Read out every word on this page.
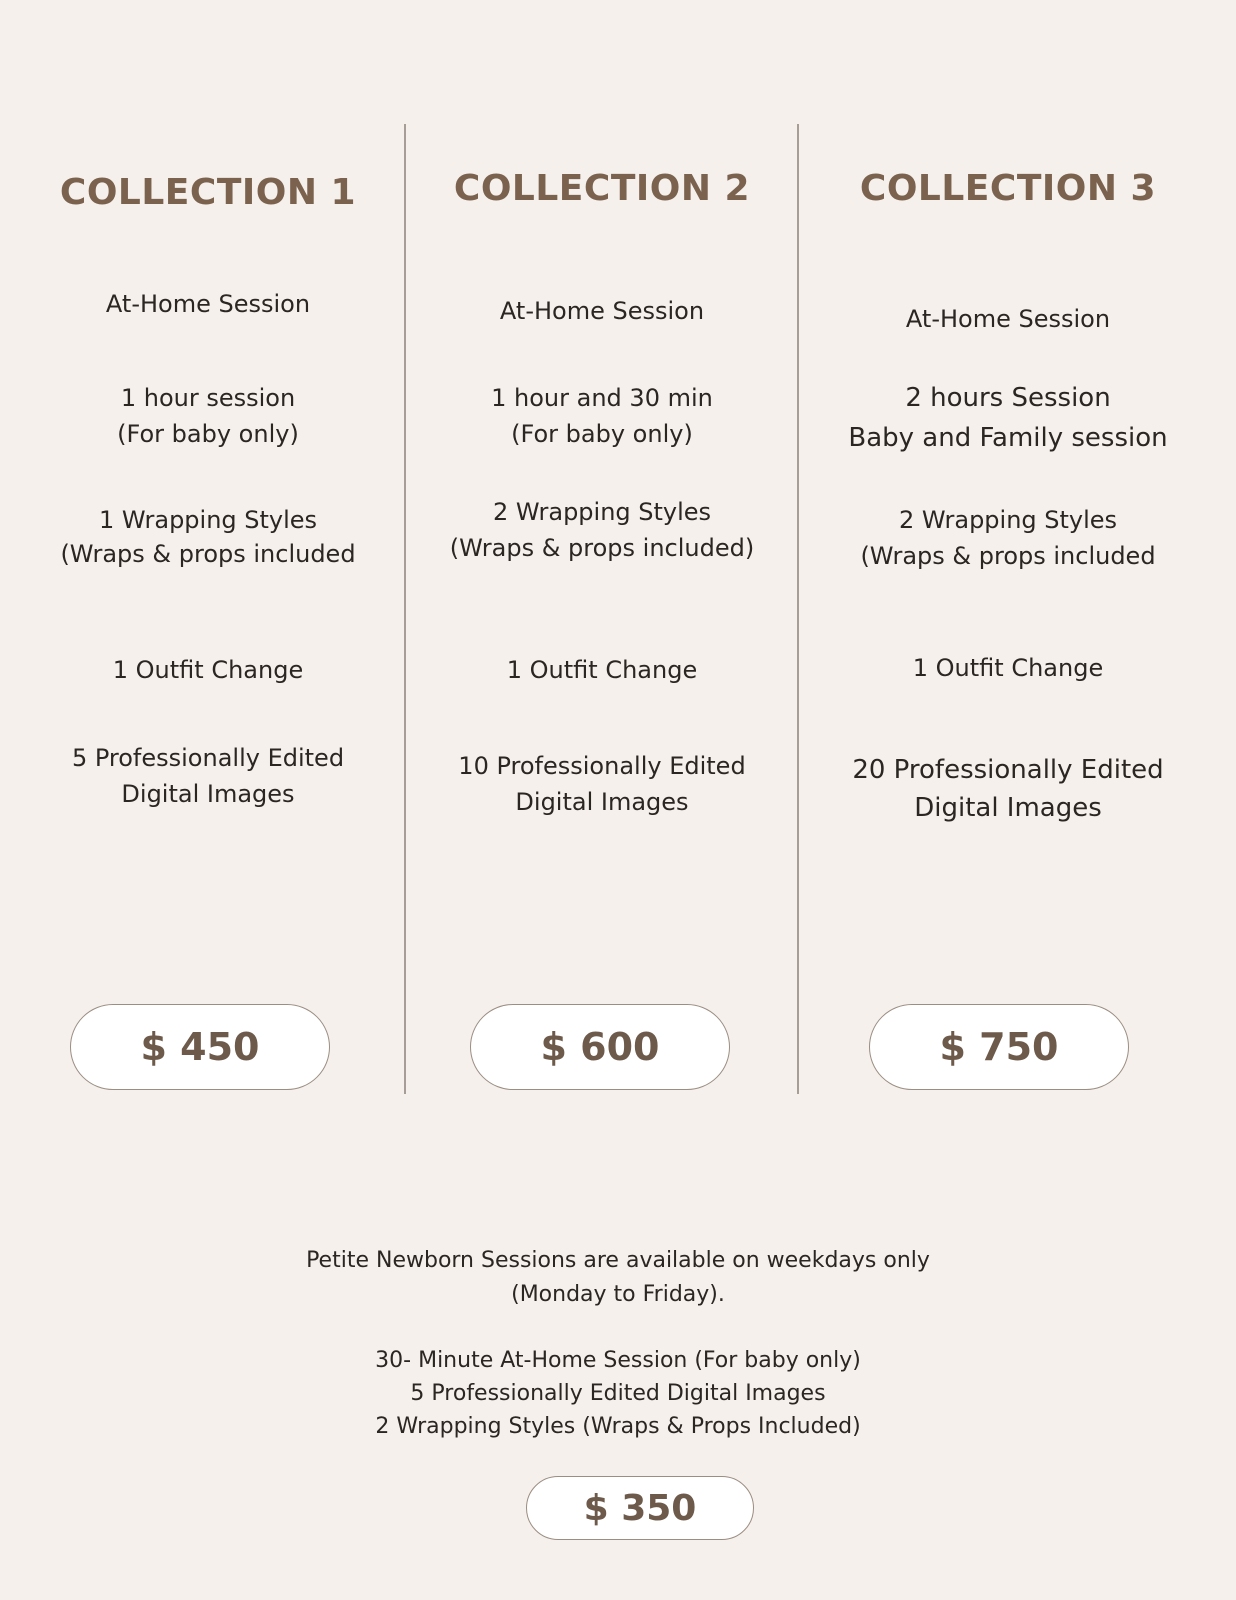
COLLECTION 1
At-Home Session
1 hour session
(For baby only)
1 Wrapping Styles
(Wraps & props included
1 Outfit Change
5 Professionally Edited
Digital Images
$ 450
COLLECTION 2
At-Home Session
1 hour and 30 min
(For baby only)
2 Wrapping Styles
(Wraps & props included)
1 Outfit Change
10 Professionally Edited
Digital Images
$ 600
COLLECTION 3
At-Home Session
2 hours Session
Baby and Family session
2 Wrapping Styles
(Wraps & props included
1 Outfit Change
20 Professionally Edited
Digital Images
$ 750
Petite Newborn Sessions are available on weekdays only
(Monday to Friday).
30- Minute At-Home Session (For baby only)
5 Professionally Edited Digital Images
2 Wrapping Styles (Wraps & Props Included)
$ 350
